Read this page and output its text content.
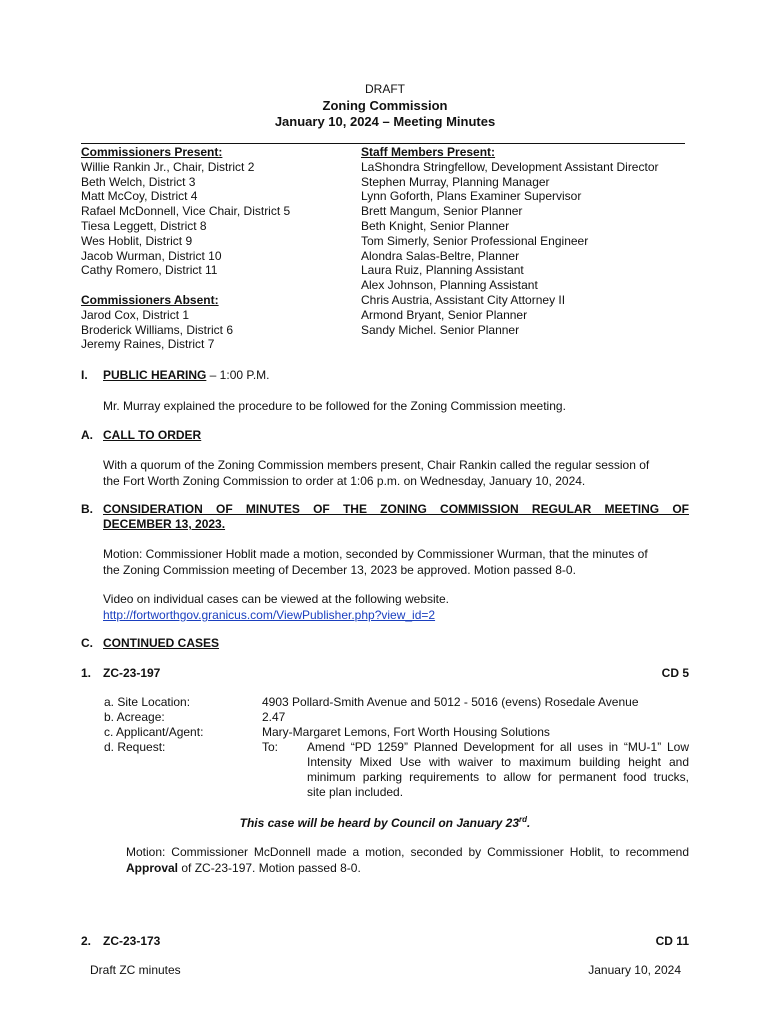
DRAFT
Zoning Commission
January 10, 2024 – Meeting Minutes
Commissioners Present:
Willie Rankin Jr., Chair, District 2
Beth Welch, District 3
Matt McCoy, District 4
Rafael McDonnell, Vice Chair, District 5
Tiesa Leggett, District 8
Wes Hoblit, District 9
Jacob Wurman, District 10
Cathy Romero, District 11
Commissioners Absent:
Jarod Cox, District 1
Broderick Williams, District 6
Jeremy Raines, District 7
Staff Members Present:
LaShondra Stringfellow, Development Assistant Director
Stephen Murray, Planning Manager
Lynn Goforth, Plans Examiner Supervisor
Brett Mangum, Senior Planner
Beth Knight, Senior Planner
Tom Simerly, Senior Professional Engineer
Alondra Salas-Beltre, Planner
Laura Ruiz, Planning Assistant
Alex Johnson, Planning Assistant
Chris Austria, Assistant City Attorney II
Armond Bryant, Senior Planner
Sandy Michel. Senior Planner
I. PUBLIC HEARING – 1:00 P.M.
Mr. Murray explained the procedure to be followed for the Zoning Commission meeting.
A. CALL TO ORDER
With a quorum of the Zoning Commission members present, Chair Rankin called the regular session of
the Fort Worth Zoning Commission to order at 1:06 p.m. on Wednesday, January 10, 2024.
B. CONSIDERATION OF MINUTES OF THE ZONING COMMISSION REGULAR MEETING OF
DECEMBER 13, 2023.
Motion: Commissioner Hoblit made a motion, seconded by Commissioner Wurman, that the minutes of
the Zoning Commission meeting of December 13, 2023 be approved. Motion passed 8-0.
Video on individual cases can be viewed at the following website.
http://fortworthgov.granicus.com/ViewPublisher.php?view_id=2
C. CONTINUED CASES
1. ZC-23-197	CD 5
a. Site Location:	4903 Pollard-Smith Avenue and 5012 - 5016 (evens) Rosedale Avenue
b. Acreage:	2.47
c. Applicant/Agent:	Mary-Margaret Lemons, Fort Worth Housing Solutions
d. Request:	To: Amend “PD 1259” Planned Development for all uses in “MU-1” Low
Intensity Mixed Use with waiver to maximum building height and
minimum parking requirements to allow for permanent food trucks,
site plan included.
This case will be heard by Council on January 23rd.
Motion: Commissioner McDonnell made a motion, seconded by Commissioner Hoblit, to recommend
Approval of ZC-23-197. Motion passed 8-0.
2. ZC-23-173	CD 11
Draft ZC minutes	January 10, 2024
